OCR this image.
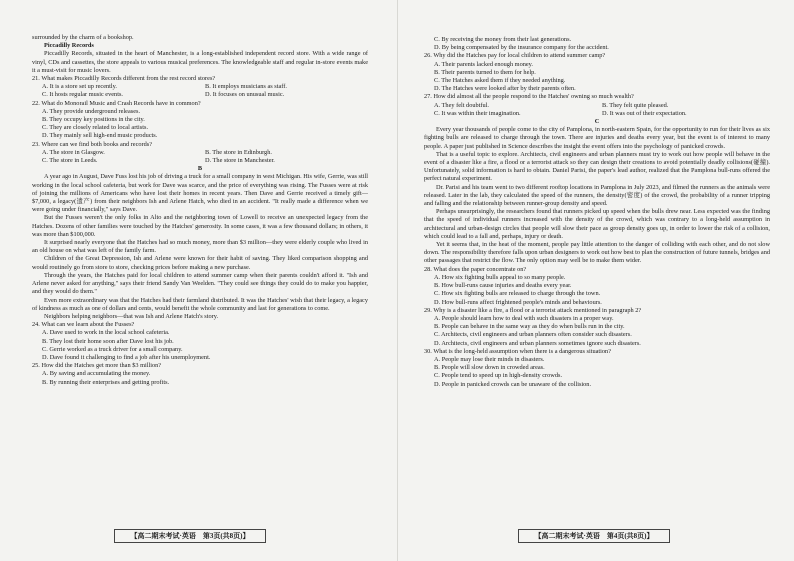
surrounded by the charm of a bookshop.

Piccadilly Records

Piccadilly Records, situated in the heart of Manchester, is a long-established independent record store. With a wide range of vinyl, CDs and cassettes, the store appeals to various musical preferences. The knowledgeable staff and regular in-store events make it a must-visit for music lovers.

21. What makes Piccadilly Records different from the rest record stores?

A. It is a store set up recently.	B. It employs musicians as staff.
C. It hosts regular music events.	D. It focuses on unusual music.

22. What do Monorail Music and Crash Records have in common?

A. They provide underground releases.

B. They occupy key positions in the city.

C. They are closely related to local artists.

D. They mainly sell high-end music products.

23. Where can we find both books and records?

A. The store in Glasgow.	B. The store in Edinburgh.
C. The store in Leeds.	D. The store in Manchester.

B

A year ago in August, Dave Fuss lost his job of driving a truck for a small company in west Michigan. His wife, Gerrie, was still working in the local school cafeteria, but work for Dave was scarce, and the price of everything was rising. The Fusses were at risk of joining the millions of Americans who have lost their homes in recent years. Then Dave and Gerrie received a timely gift—$7,000, a legacy(遗产) from their neighbors Ish and Arlene Hatch, who died in an accident. "It really made a difference when we were going under financially," says Dave.

But the Fusses weren't the only folks in Alto and the neighboring town of Lowell to receive an unexpected legacy from the Hatches. Dozens of other families were touched by the Hatches' generosity. In some cases, it was a few thousand dollars; in others, it was more than $100,000.

It surprised nearly everyone that the Hatches had so much money, more than $3 million—they were elderly couple who lived in an old house on what was left of the family farm.

Children of the Great Depression, Ish and Arlene were known for their habit of saving. They liked comparison shopping and would routinely go from store to store, checking prices before making a new purchase.

Through the years, the Hatches paid for local children to attend summer camp when their parents couldn't afford it. "Ish and Arlene never asked for anything," says their friend Sandy Van Weelden. "They could see things they could do to make you happier, and they would do them."

Even more extraordinary was that the Hatches had their farmland distributed. It was the Hatches' wish that their legacy, a legacy of kindness as much as one of dollars and cents, would benefit the whole community and last for generations to come.

Neighbors helping neighbors—that was Ish and Arlene Hatch's story.

24. What can we learn about the Fusses?

A. Dave used to work in the local school cafeteria.

B. They lost their home soon after Dave lost his job.

C. Gerrie worked as a truck driver for a small company.

D. Dave found it challenging to find a job after his unemployment.

25. How did the Hatches get more than $3 million?

A. By saving and accumulating the money.

B. By running their enterprises and getting profits.

C. By receiving the money from their last generations.

D. By being compensated by the insurance company for the accident.

26. Why did the Hatches pay for local children to attend summer camp?

A. Their parents lacked enough money.

B. Their parents turned to them for help.

C. The Hatches asked them if they needed anything.

D. The Hatches were looked after by their parents often.

27. How did almost all the people respond to the Hatches' owning so much wealth?

A. They felt doubtful.	B. They felt quite pleased.
C. It was within their imagination.	D. It was out of their expectation.

C

Every year thousands of people come to the city of Pamplona, in north-eastern Spain, for the opportunity to run for their lives as six fighting bulls are released to charge through the town. There are injuries and deaths every year, but the event is of interest to many people. A paper just published in Science describes the insight the event offers into the psychology of panicked crowds.

That is a useful topic to explore. Architects, civil engineers and urban planners must try to work out how people will behave in the event of a disaster like a fire, a flood or a terrorist attack so they can design their creations to avoid potentially deadly collisions(碰撞). Unfortunately, solid information is hard to obtain. Daniel Parisi, the paper's lead author, realized that the Pamplona bull-runs offered the perfect natural experiment.

Dr. Parisi and his team went to two different rooftop locations in Pamplona in July 2023, and filmed the runners as the animals were released. Later in the lab, they calculated the speed of the runners, the density(密度) of the crowd, the probability of a runner tripping and falling and the relationship between runner-group density and speed.

Perhaps unsurprisingly, the researchers found that runners picked up speed when the bulls drew near. Less expected was the finding that the speed of individual runners increased with the density of the crowd, which was contrary to a long-held assumption in architectural and urban-design circles that people will slow their pace as group density goes up, in order to lower the risk of a collision, which could lead to a fall and, perhaps, injury or death.

Yet it seems that, in the heat of the moment, people pay little attention to the danger of colliding with each other, and do not slow down. The responsibility therefore falls upon urban designers to work out how best to plan the construction of future tunnels, bridges and other passages that restrict the flow. The only option may well be to make them wider.

28. What does the paper concentrate on?

A. How six fighting bulls appeal to so many people.

B. How bull-runs cause injuries and deaths every year.

C. How six fighting bulls are released to charge through the town.

D. How bull-runs affect frightened people's minds and behaviours.

29. Why is a disaster like a fire, a flood or a terrorist attack mentioned in paragraph 2?

A. People should learn how to deal with such disasters in a proper way.

B. People can behave in the same way as they do when bulls run in the city.

C. Architects, civil engineers and urban planners often consider such disasters.

D. Architects, civil engineers and urban planners sometimes ignore such disasters.

30. What is the long-held assumption when there is a dangerous situation?

A. People may lose their minds in disasters.

B. People will slow down in crowded areas.

C. People tend to speed up in high-density crowds.

D. People in panicked crowds can be unaware of the collision.

【高二期末考试·英语　第3页(共8页)】	【高二期末考试·英语　第4页(共8页)】
